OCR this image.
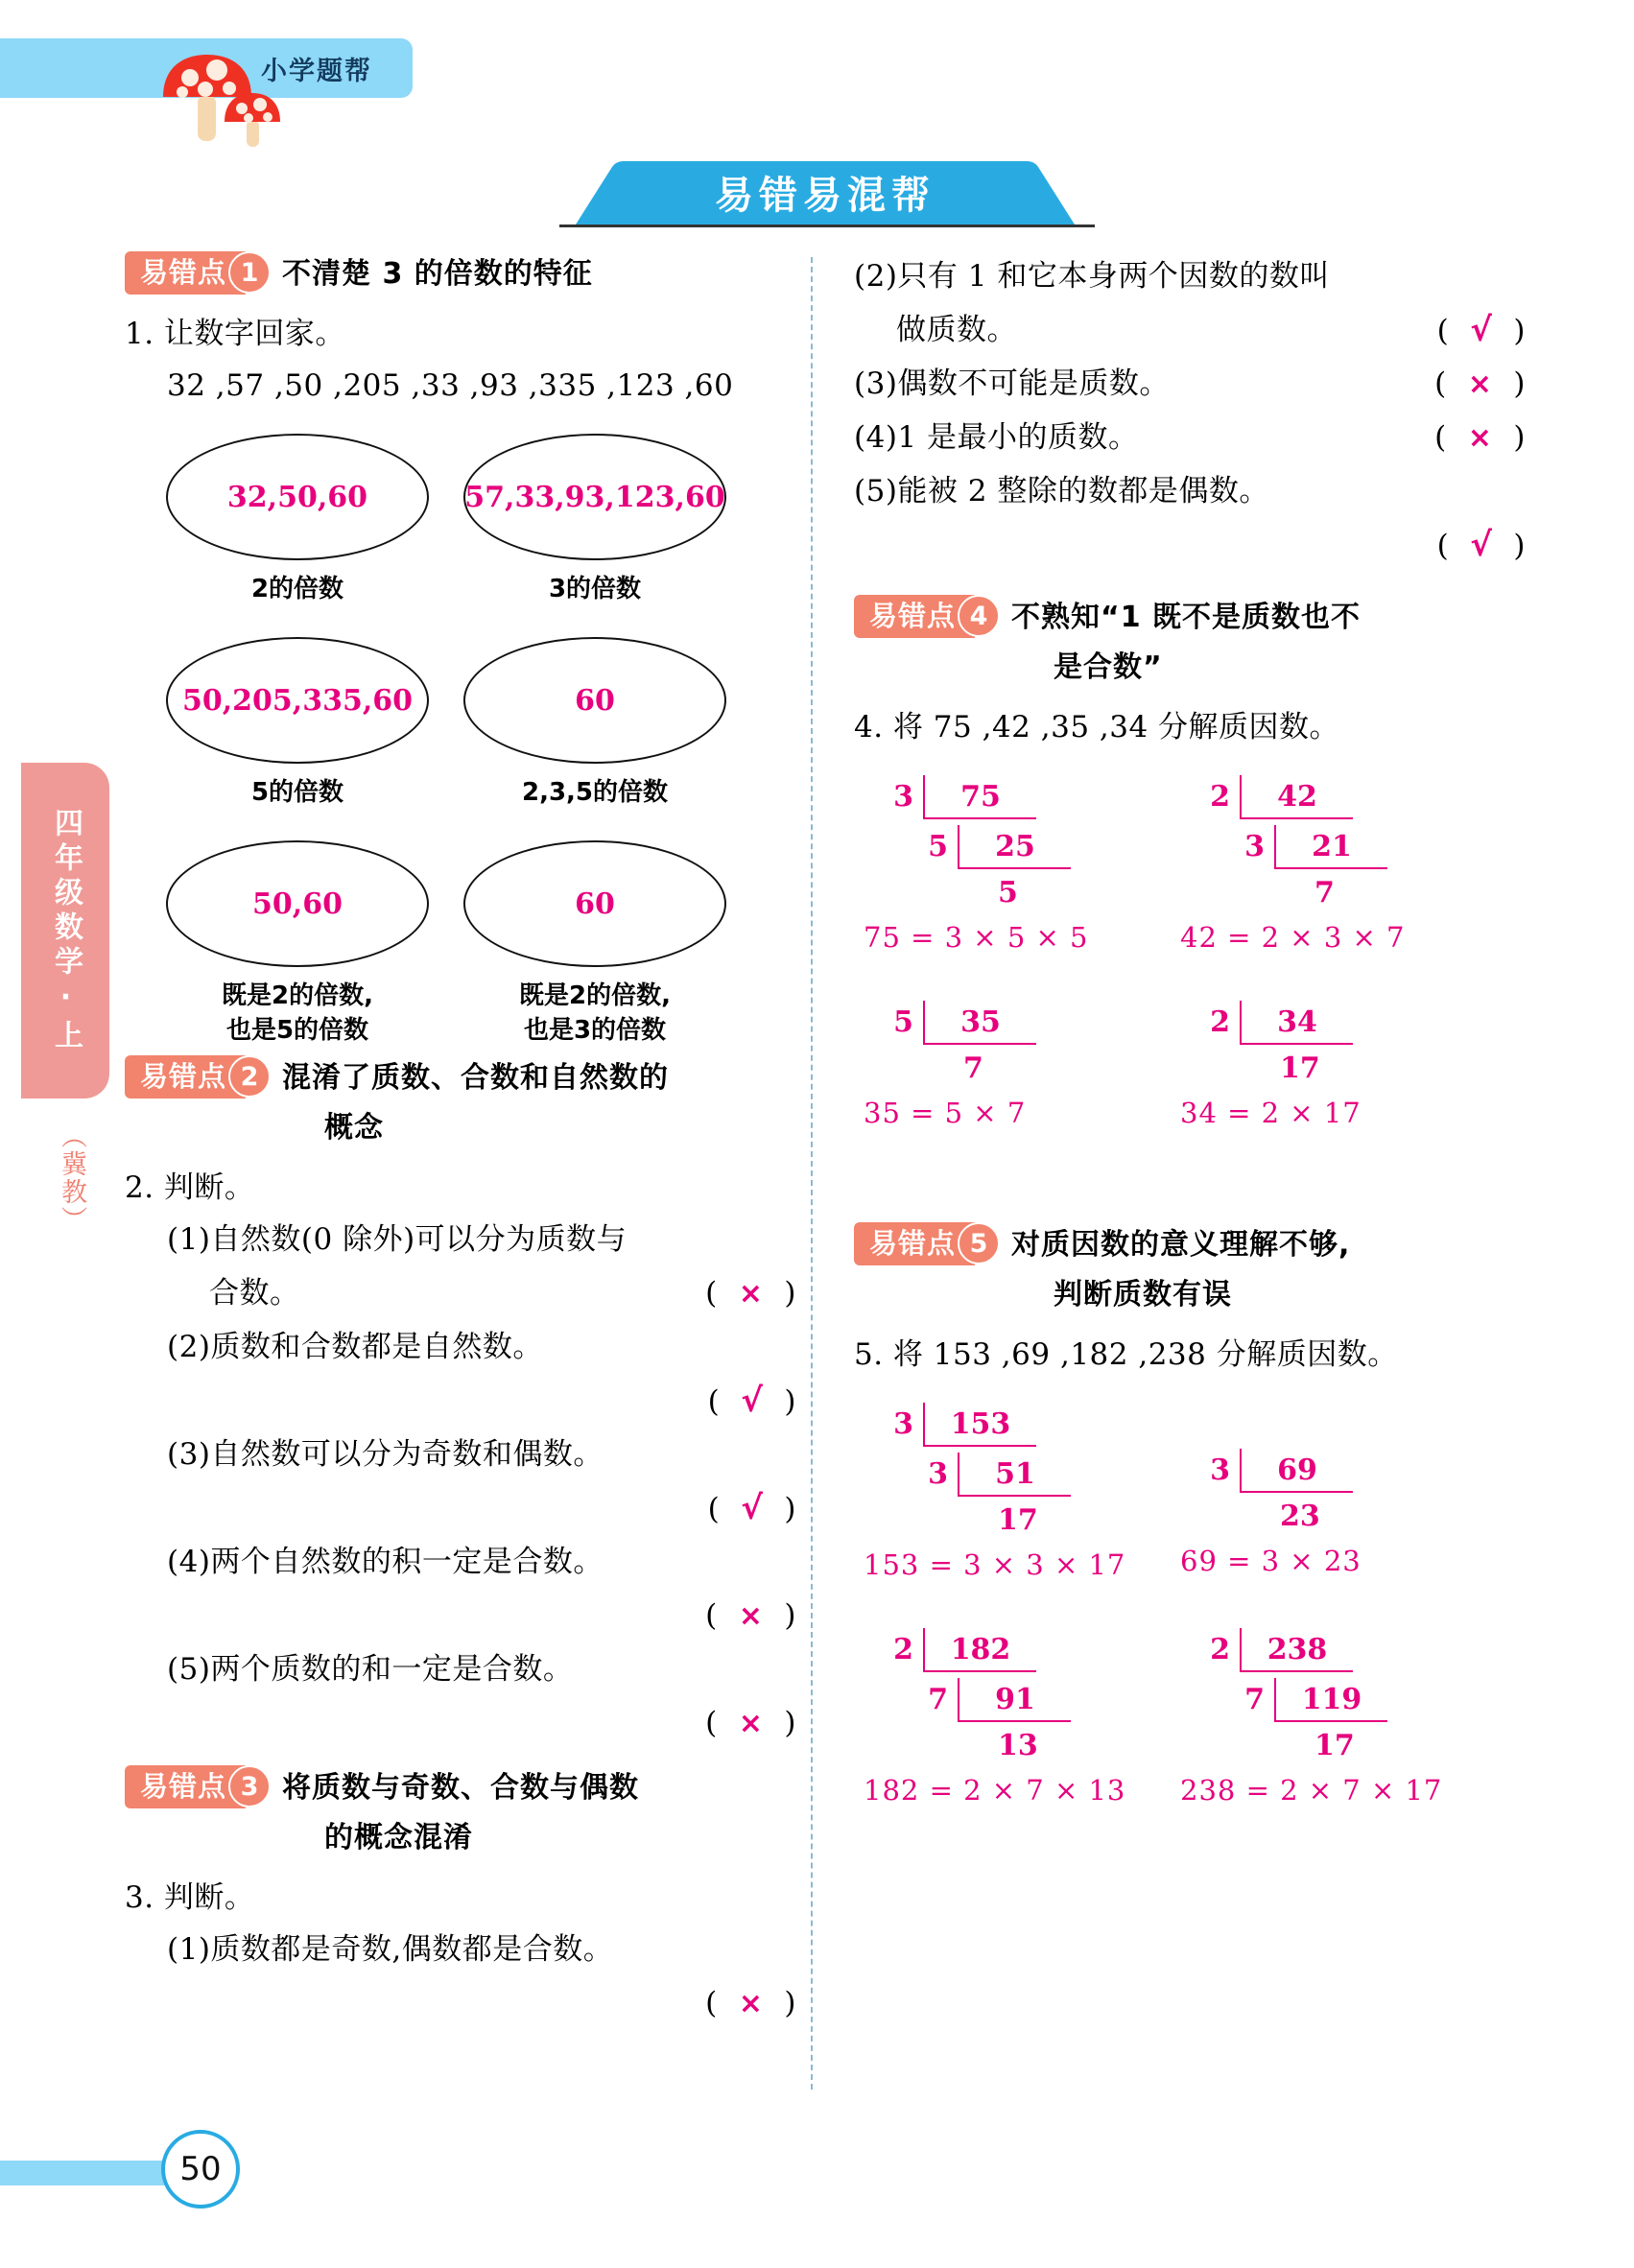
小学题帮
易错易混帮
四年级数学·上
（冀教）
易错点 1 不清楚 3 的倍数的特征
1. 让数字回家。
32 ,57 ,50 ,205 ,33 ,93 ,335 ,123 ,60
32,50,60
2的倍数
57,33,93,123,60
3的倍数
50,205,335,60
5的倍数
60
2,3,5的倍数
50,60
既是2的倍数,
也是5的倍数
60
既是2的倍数,
也是3的倍数
易错点 2 混淆了质数、合数和自然数的
概念
2. 判断。
(1)自然数(0 除外)可以分为质数与
合数。	( × )
(2)质数和合数都是自然数。

( √ )
(3)自然数可以分为奇数和偶数。

( √ )
(4)两个自然数的积一定是合数。

( × )
(5)两个质数的和一定是合数。

( × )
易错点 3 将质数与奇数、合数与偶数
的概念混淆
3. 判断。
(1)质数都是奇数,偶数都是合数。

( × )
(2)只有 1 和它本身两个因数的数叫
做质数。	( √ )
(3)偶数不可能是质数。	( × )
(4)1 是最小的质数。	( × )
(5)能被 2 整除的数都是偶数。

( √ )
易错点 4 不熟知“1 既不是质数也不
是合数”
4. 将 75 ,42 ,35 ,34 分解质因数。
3	75
5	25
5
75 = 3 × 5 × 5
2	42
3	21
7
42 = 2 × 3 × 7
5	35
7
35 = 5 × 7
2	34
17
34 = 2 × 17
易错点 5 对质因数的意义理解不够,
判断质数有误
5. 将 153 ,69 ,182 ,238 分解质因数。
3	153
3	51
17
153 = 3 × 3 × 17
3	69
23
69 = 3 × 23
2	182
7	91
13
182 = 2 × 7 × 13
2	238
7	119
17
238 = 2 × 7 × 17
50
